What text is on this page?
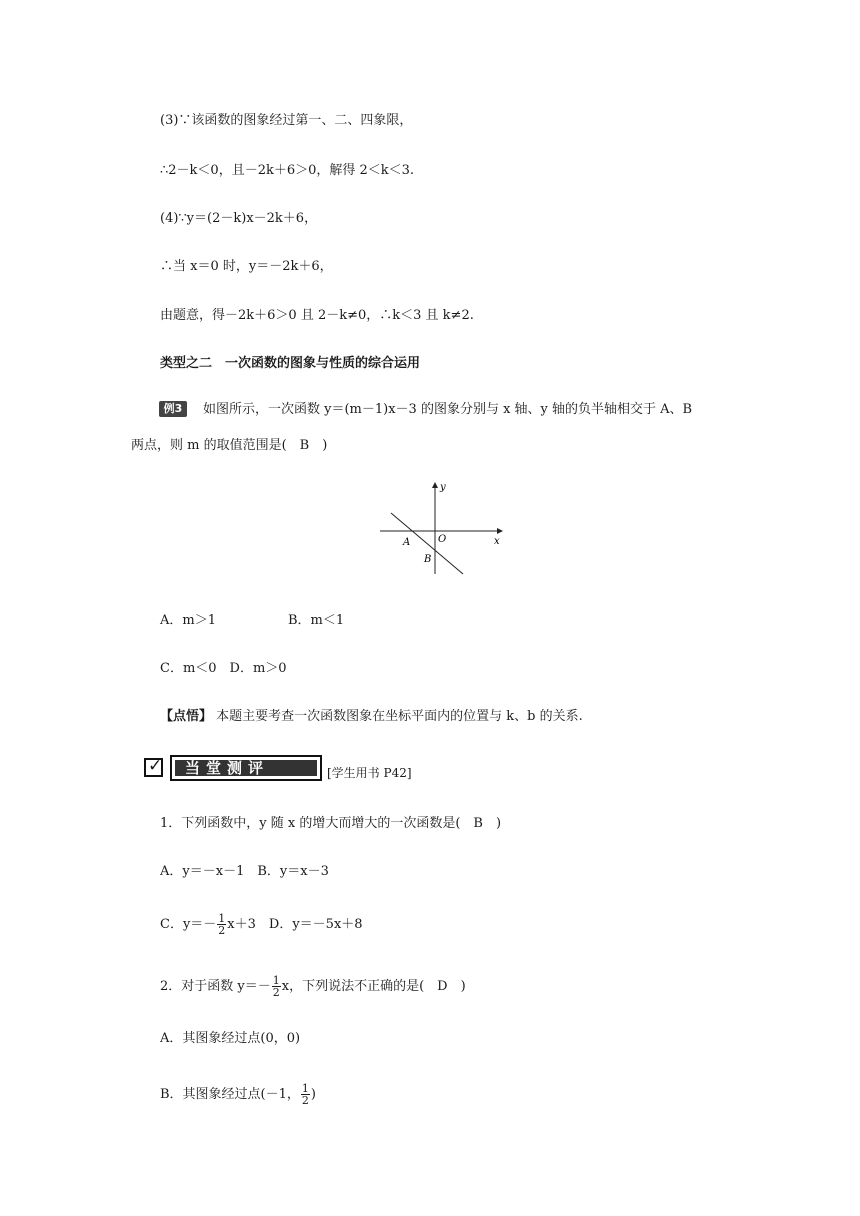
(3)∵该函数的图象经过第一、二、四象限，
∴2－k＜0，且－2k＋6＞0，解得 2＜k＜3.
(4)∵y＝(2－k)x－2k＋6，
∴当 x＝0 时，y＝－2k＋6，
由题意，得－2k＋6＞0 且 2－k≠0，∴k＜3 且 k≠2.
类型之二　一次函数的图象与性质的综合运用
例3	如图所示，一次函数 y＝(m－1)x－3 的图象分别与 x 轴、y 轴的负半轴相交于 A、B
两点，则 m 的取值范围是(　B　)
y
x
O
A
B
A．m＞1	B．m＜1
C．m＜0　D．m＞0
【点悟】 本题主要考查一次函数图象在坐标平面内的位置与 k、b 的关系.
✓	当堂测评	[学生用书 P42]
1．下列函数中，y 随 x 的增大而增大的一次函数是(　B　)
A．y＝－x－1　B．y＝x－3
C．$y=- \frac{1}{2} x+3$　D．y＝－5x＋8
2．对于函数 $y=- \frac{1}{2}$ x，下列说法不正确的是(　D　)
A．其图象经过点(0，0)
B．其图象经过点(－1， $\frac{1}{2}$ )
